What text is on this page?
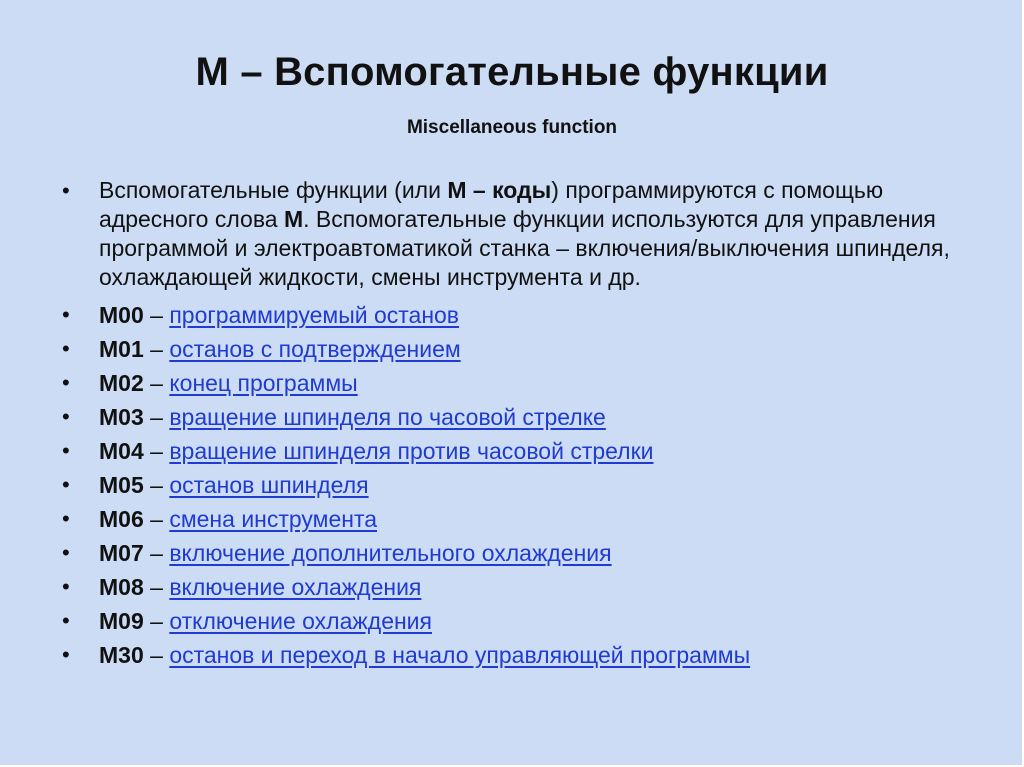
M – Вспомогательные функции
Miscellaneous function
• Вспомогательные функции (или М – коды) программируются с помощью адресного слова М. Вспомогательные функции используются для управления программой и электроавтоматикой станка – включения/выключения шпинделя, охлаждающей жидкости, смены инструмента и др.
• M00 – программируемый останов
• M01 – останов с подтверждением
• M02 – конец программы
• M03 – вращение шпинделя по часовой стрелке
• M04 – вращение шпинделя против часовой стрелки
• M05 – останов шпинделя
• M06 – смена инструмента
• M07 – включение дополнительного охлаждения
• M08 – включение охлаждения
• M09 – отключение охлаждения
• M30 – останов и переход в начало управляющей программы
